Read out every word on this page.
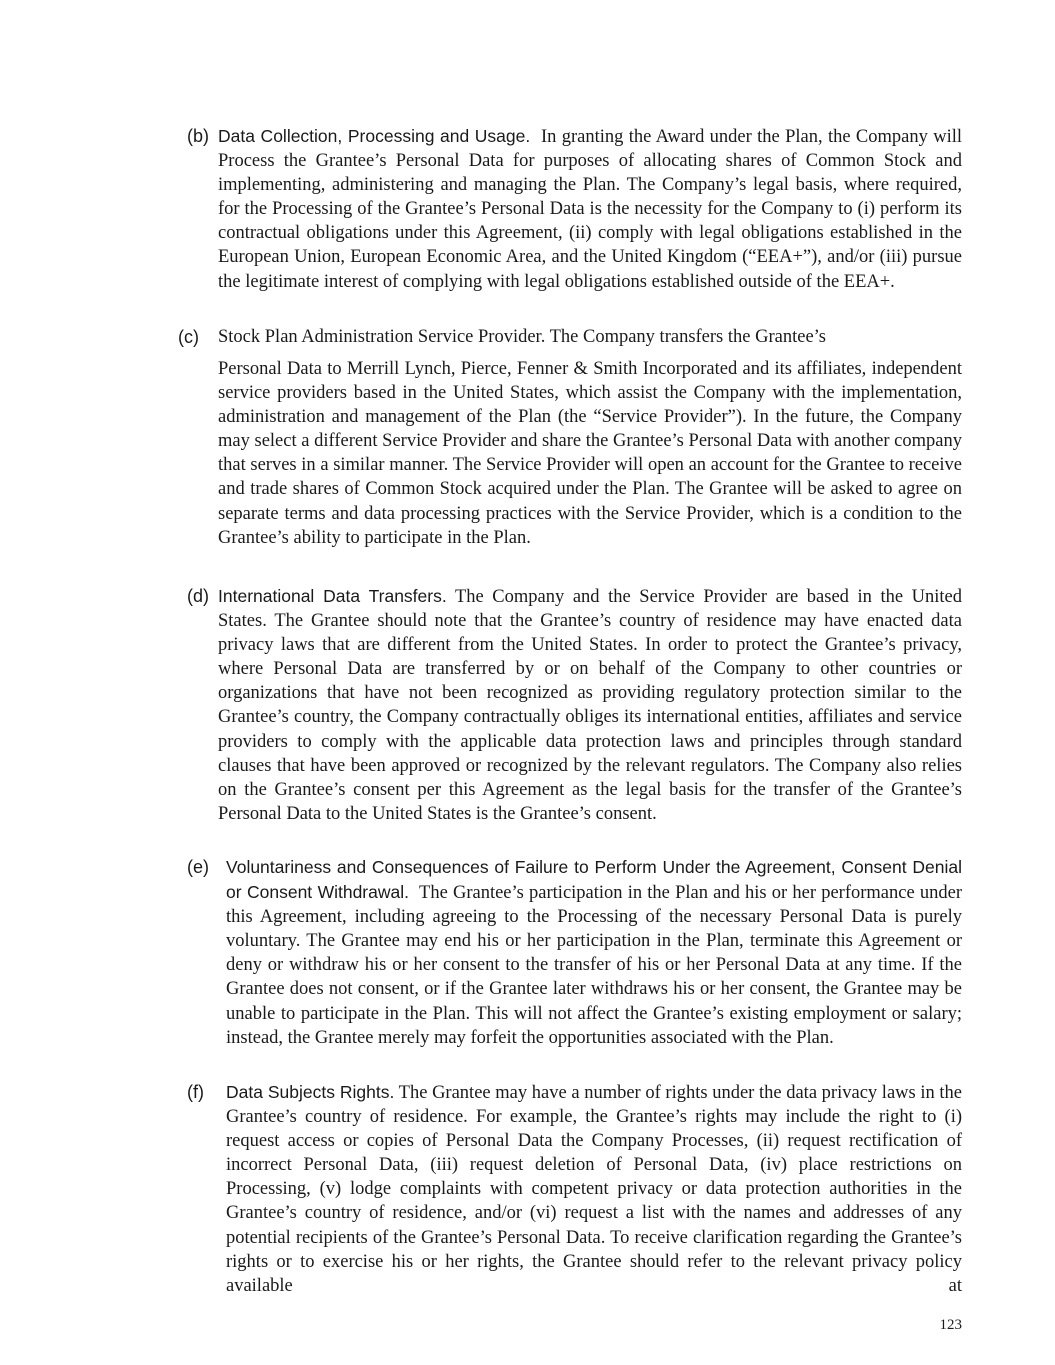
(b) Data Collection, Processing and Usage. In granting the Award under the Plan, the Company will Process the Grantee’s Personal Data for purposes of allocating shares of Common Stock and implementing, administering and managing the Plan. The Company’s legal basis, where required, for the Processing of the Grantee’s Personal Data is the necessity for the Company to (i) perform its contractual obligations under this Agreement, (ii) comply with legal obligations established in the European Union, European Economic Area, and the United Kingdom (“EEA+”), and/or (iii) pursue the legitimate interest of complying with legal obligations established outside of the EEA+.
(c) Stock Plan Administration Service Provider. The Company transfers the Grantee’s
Personal Data to Merrill Lynch, Pierce, Fenner & Smith Incorporated and its affiliates, independent service providers based in the United States, which assist the Company with the implementation, administration and management of the Plan (the “Service Provider”). In the future, the Company may select a different Service Provider and share the Grantee’s Personal Data with another company that serves in a similar manner. The Service Provider will open an account for the Grantee to receive and trade shares of Common Stock acquired under the Plan. The Grantee will be asked to agree on separate terms and data processing practices with the Service Provider, which is a condition to the Grantee’s ability to participate in the Plan.
(d) International Data Transfers. The Company and the Service Provider are based in the United States. The Grantee should note that the Grantee’s country of residence may have enacted data privacy laws that are different from the United States. In order to protect the Grantee’s privacy, where Personal Data are transferred by or on behalf of the Company to other countries or organizations that have not been recognized as providing regulatory protection similar to the Grantee’s country, the Company contractually obliges its international entities, affiliates and service providers to comply with the applicable data protection laws and principles through standard clauses that have been approved or recognized by the relevant regulators. The Company also relies on the Grantee’s consent per this Agreement as the legal basis for the transfer of the Grantee’s Personal Data to the United States is the Grantee’s consent.
(e) Voluntariness and Consequences of Failure to Perform Under the Agreement, Consent Denial or Consent Withdrawal. The Grantee’s participation in the Plan and his or her performance under this Agreement, including agreeing to the Processing of the necessary Personal Data is purely voluntary. The Grantee may end his or her participation in the Plan, terminate this Agreement or deny or withdraw his or her consent to the transfer of his or her Personal Data at any time. If the Grantee does not consent, or if the Grantee later withdraws his or her consent, the Grantee may be unable to participate in the Plan. This will not affect the Grantee’s existing employment or salary; instead, the Grantee merely may forfeit the opportunities associated with the Plan.
(f) Data Subjects Rights. The Grantee may have a number of rights under the data privacy laws in the Grantee’s country of residence. For example, the Grantee’s rights may include the right to (i) request access or copies of Personal Data the Company Processes, (ii) request rectification of incorrect Personal Data, (iii) request deletion of Personal Data, (iv) place restrictions on Processing, (v) lodge complaints with competent privacy or data protection authorities in the Grantee’s country of residence, and/or (vi) request a list with the names and addresses of any potential recipients of the Grantee’s Personal Data. To receive clarification regarding the Grantee’s rights or to exercise his or her rights, the Grantee should refer to the relevant privacy policy available at
123
